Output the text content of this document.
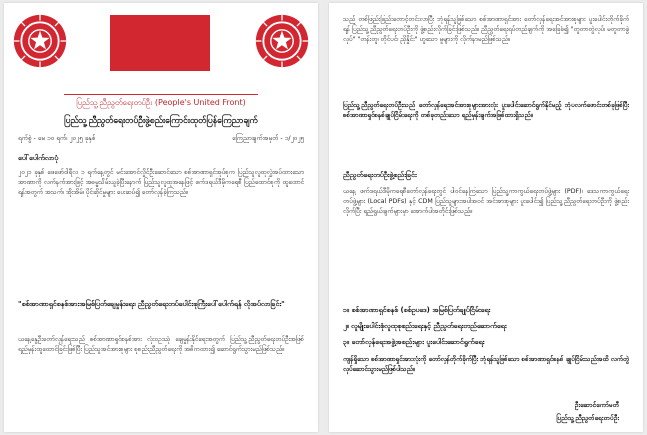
ပြည်သူ့ညီညွတ်ရေးတပ်ဦး (People's United Front)
ပြည်သူ့ညီညွတ်ရေးတပ်ဦးဖွဲ့စည်းကြောင်းထုတ်ပြန်ကြေညာချက်
ရက်စွဲ - မေ ၁၀ ရက်၊ ၂၀၂၅ ခုနှစ်	ကြေညာချက်အမှတ် - ၁/၂၀၂၅
ပေါ်ပေါက်လာပုံ
၂၀၂၁ ခုနှစ် ဖေဖော်ဝါရီလ ၁ ရက်နေ့တွင် မင်းအောင်လှိုင်ဦးဆောင်သော စစ်အာဏာရှင်အုပ်စုက ပြည်သူလူထုလွှဲအပ်ထားသော အာဏာကို လက်နက်အားဖြင့် အဓမ္မသိမ်းယူခဲ့ပြီးနောက် ပြည်သူလူထုအနေဖြင့် ဖက်ဒရယ်ဒီမိုကရေစီ ပြည်ထောင်စုကို ထူထောင်ရန်အတွက် အသက်၊ အိုးအိမ်၊ ပိုင်ဆိုင်မှုများ ပေးဆပ်၍ တော်လှန်ခဲ့ကြသည်။
"စစ်အာဏာရှင်စနစ်အားအမြစ်ပြတ်ချေမှုန်းရေး၊ ညီညွတ်ရေးတပ်ပေါင်းစုကြီးပေါ်ပေါက်ရန် လိုအပ်လာခြင်း"
ယနေ့နွေဦးတော်လှန်ရေးသည် စစ်အာဏာရှင်စနစ်အား လုံးဝဥဿုံ ချေမှုန်းနိုင်ရေးအတွက် ပြည်သူ့ညီညွတ်ရေးတပ်ဦးအဖြစ် ရည်မှန်းထူထောင်ခြင်းဖြစ်ပြီး ပြည်သူအင်အားစုများ စုစည်းညီညွတ်ရေးကို အဓိကထား၍ ဆောင်ရွက်သွားမည်ဖြစ်သည်။
သည် တစ်ဖြည်းဖြည်းတောင့်တင်းလာပြီး ဘုံရန်သူဖြစ်သော စစ်အာဏာရှင်အား တော်လှန်ရေးအင်အားစုများ ပူးပေါင်းတိုက်ခိုက်ရန် ပြည်သူ့ညီညွတ်ရေးတပ်ဦးကို ဖွဲ့စည်းလိုက်ခြင်းဖြစ်သည်။ ညီညွတ်ရေးရပ်တည်ချက်ကို အခြေခံ၍ "တူတာတွဲလုပ်၊ မတူတာခွဲလုပ်" "တန်းတူ၊ တိုင်ပင်၊ ညှိနှိုင်း" ဟူသော မူများကို လိုက်နာမည်ဖြစ်သည်။
ပြည်သူ့ညီညွတ်ရေးတပ်ဦးသည် တော်လှန်ရေးအင်အားစုများအားလုံး ပူးပေါင်းဆောင်ရွက်နိုင်မည့် ဘုံပလက်ဖောင်းတစ်ခုဖြစ်ပြီး စစ်အာဏာရှင်စနစ်ချုပ်ငြိမ်းရေးကို တစ်ခုတည်းသော ရည်မှန်းချက်အဖြစ်ထားရှိသည်။
ညီညွတ်ရေးတပ်ဦးဖွဲ့စည်းခြင်း
ယနေ့ ဖက်ဒရယ်ဒီမိုကရေစီတော်လှန်ရေးတွင် ပါဝင်နေကြသော ပြည်သူ့ကာကွယ်ရေးတပ်ဖွဲ့များ (PDF)၊ ဒေသကာကွယ်ရေးတပ်ဖွဲ့များ (Local PDFs) နှင့် CDM ပြည်သူများအပါအဝင် အင်အားစုများ ပူးပေါင်း၍ ပြည်သူ့ညီညွတ်ရေးတပ်ဦးကို ဖွဲ့စည်းလိုက်ပြီး ရည်ရွယ်ချက်များမှာ အောက်ပါအတိုင်းဖြစ်သည်။
၁။ စစ်အာဏာရှင်စနစ် (စစ်ဥပဒေ) အမြစ်ပြတ်ချုပ်ငြိမ်းရေး
၂။ လူမျိုးပေါင်းစုံလူထုစုစည်းရေးနှင့် ညီညွတ်ရေးတည်ဆောက်ရေး
၃။ တော်လှန်ရေးအဖွဲ့အစည်းများ ပူးပေါင်းဆောင်ရွက်ရေး
ကျန်ရှိသော စစ်အာဏာရှင်အားလုံးကို တော်လှန်တိုက်ခိုက်ပြီး ဘုံရန်သူဖြစ်သော စစ်အာဏာရှင်စနစ် ချုပ်ငြိမ်းသည်အထိ လက်တွဲလုပ်ဆောင်သွားမည်ဖြစ်ပါသည်။
ဦးဆောင်ကော်မတီ
ပြည်သူ့ညီညွတ်ရေးတပ်ဦး
